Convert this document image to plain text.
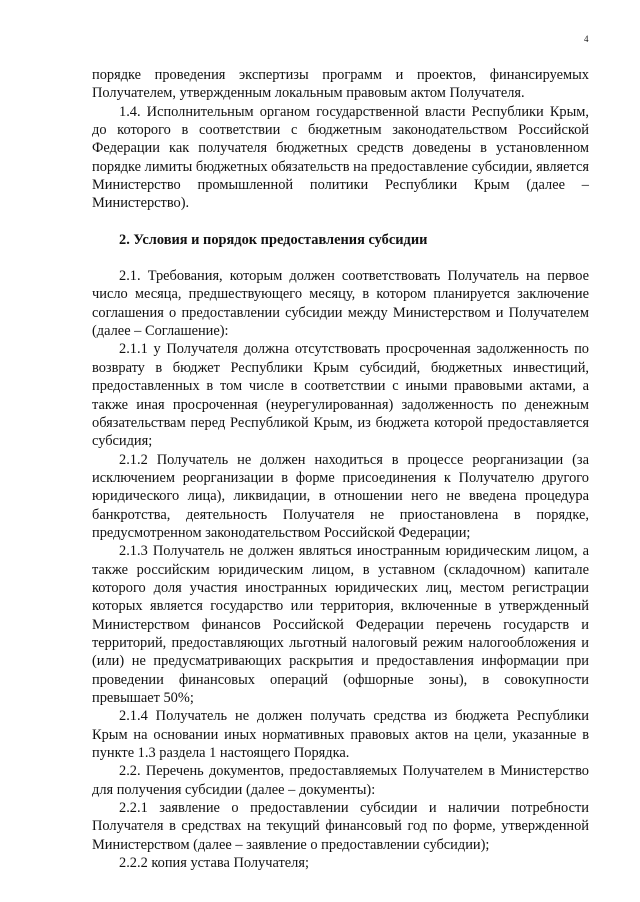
4

порядке проведения экспертизы программ и проектов, финансируемых Получателем, утвержденным локальным правовым актом Получателя.

1.4. Исполнительным органом государственной власти Республики Крым, до которого в соответствии с бюджетным законодательством Российской Федерации как получателя бюджетных средств доведены в установленном порядке лимиты бюджетных обязательств на предоставление субсидии, является Министерство промышленной политики Республики Крым (далее – Министерство).

2. Условия и порядок предоставления субсидии

2.1. Требования, которым должен соответствовать Получатель на первое число месяца, предшествующего месяцу, в котором планируется заключение соглашения о предоставлении субсидии между Министерством и Получателем (далее – Соглашение):

2.1.1 у Получателя должна отсутствовать просроченная задолженность по возврату в бюджет Республики Крым субсидий, бюджетных инвестиций, предоставленных в том числе в соответствии с иными правовыми актами, а также иная просроченная (неурегулированная) задолженность по денежным обязательствам перед Республикой Крым, из бюджета которой предоставляется субсидия;

2.1.2 Получатель не должен находиться в процессе реорганизации (за исключением реорганизации в форме присоединения к Получателю другого юридического лица), ликвидации, в отношении него не введена процедура банкротства, деятельность Получателя не приостановлена в порядке, предусмотренном законодательством Российской Федерации;

2.1.3 Получатель не должен являться иностранным юридическим лицом, а также российским юридическим лицом, в уставном (складочном) капитале которого доля участия иностранных юридических лиц, местом регистрации которых является государство или территория, включенные в утвержденный Министерством финансов Российской Федерации перечень государств и территорий, предоставляющих льготный налоговый режим налогообложения и (или) не предусматривающих раскрытия и предоставления информации при проведении финансовых операций (офшорные зоны), в совокупности превышает 50%;

2.1.4 Получатель не должен получать средства из бюджета Республики Крым на основании иных нормативных правовых актов на цели, указанные в пункте 1.3 раздела 1 настоящего Порядка.

2.2. Перечень документов, предоставляемых Получателем в Министерство для получения субсидии (далее – документы):

2.2.1 заявление о предоставлении субсидии и наличии потребности Получателя в средствах на текущий финансовый год по форме, утвержденной Министерством (далее – заявление о предоставлении субсидии);

2.2.2 копия устава Получателя;
